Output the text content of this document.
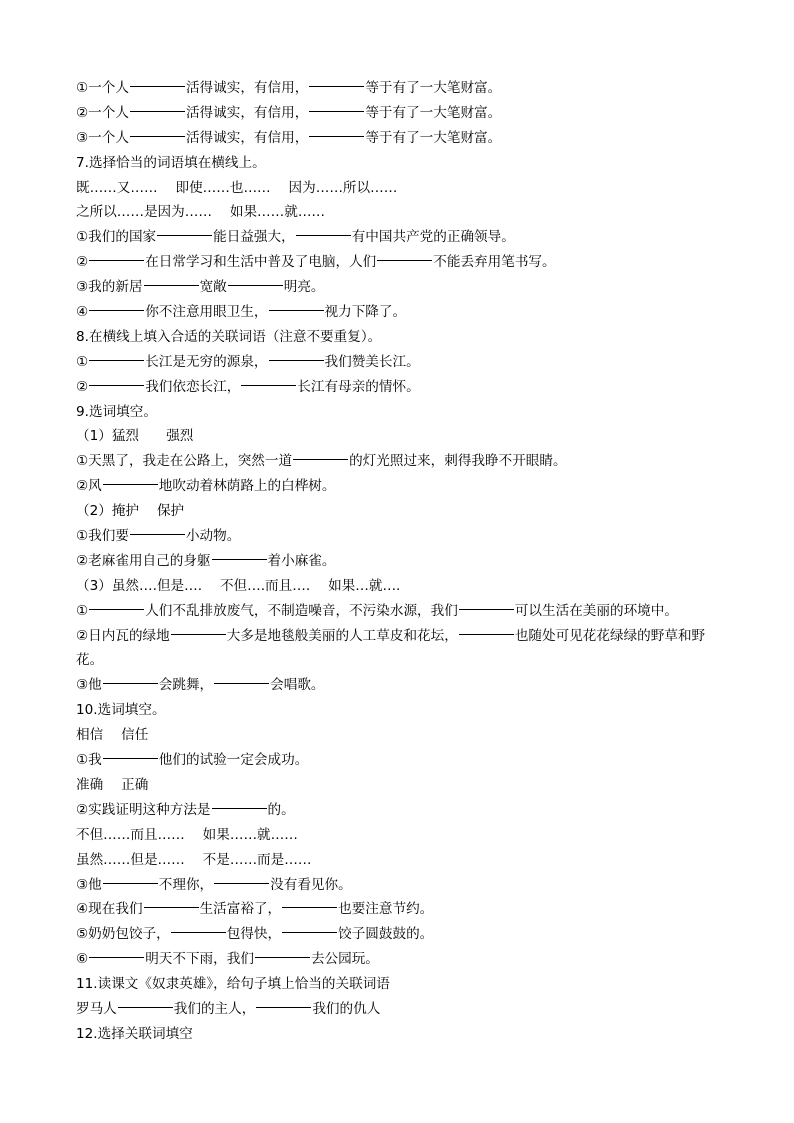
①一个人	活得诚实，有信用，	等于有了一大笔财富。
②一个人	活得诚实，有信用，	等于有了一大笔财富。
③一个人	活得诚实，有信用，	等于有了一大笔财富。
7.选择恰当的词语填在横线上。
既……又……　 即使……也……　 因为……所以……
之所以……是因为……　 如果……就……
①我们的国家	能日益强大，	有中国共产党的正确领导。
②	在日常学习和生活中普及了电脑，人们	不能丢弃用笔书写。
③我的新居	宽敞	明亮。
④	你不注意用眼卫生，	视力下降了。
8.在横线上填入合适的关联词语（注意不要重复）。
①	长江是无穷的源泉，	我们赞美长江。
②	我们依恋长江，	长江有母亲的情怀。
9.选词填空。
（1）猛烈　　强烈
①天黑了，我走在公路上，突然一道	的灯光照过来，刺得我睁不开眼睛。
②风	地吹动着林荫路上的白桦树。
（2）掩护　 保护
①我们要	小动物。
②老麻雀用自己的身躯	着小麻雀。
（3）虽然….但是….　 不但….而且….　 如果…就….
①	人们不乱排放废气，不制造噪音，不污染水源，我们	可以生活在美丽的环境中。
②日内瓦的绿地	大多是地毯般美丽的人工草皮和花坛，	也随处可见花花绿绿的野草和野
花。
③他	会跳舞，	会唱歌。
10.选词填空。
相信　 信任
①我	他们的试验一定会成功。
准确　 正确
②实践证明这种方法是	的。
不但……而且……　 如果……就……
虽然……但是……　 不是……而是……
③他	不理你，	没有看见你。
④现在我们	生活富裕了，	也要注意节约。
⑤奶奶包饺子，	包得快，	饺子圆鼓鼓的。
⑥	明天不下雨，我们	去公园玩。
11.读课文《奴隶英雄》，给句子填上恰当的关联词语
罗马人	我们的主人，	我们的仇人
12.选择关联词填空
